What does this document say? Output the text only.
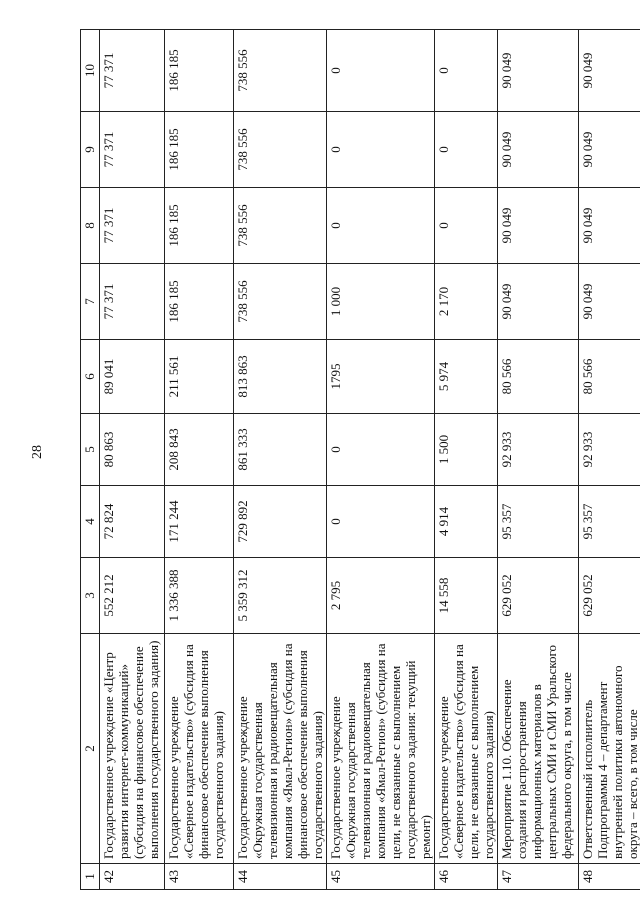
28
1	2	3	4	5	6	7	8	9	10
42	Государственное учреждение «Центр развития интернет-коммуникаций» (субсидия на финансовое обеспечение выполнения государственного задания)	552 212	72 824	80 863	89 041	77 371	77 371	77 371	77 371
43	Государственное учреждение «Северное издательство» (субсидия на финансовое обеспечение выполнения государственного задания)	1 336 388	171 244	208 843	211 561	186 185	186 185	186 185	186 185
44	Государственное учреждение «Окружная государственная телевизионная и радиовещательная компания «Ямал-Регион» (субсидия на финансовое обеспечение выполнения государственного задания)	5 359 312	729 892	861 333	813 863	738 556	738 556	738 556	738 556
45	Государственное учреждение «Окружная государственная телевизионная и радиовещательная компания «Ямал-Регион» (субсидия на цели, не связанные с выполнением государственного задания: текущий ремонт)	2 795	0	0	1795	1 000	0	0	0
46	Государственное учреждение «Северное издательство» (субсидия на цели, не связанные с выполнением государственного задания)	14 558	4 914	1 500	5 974	2 170	0	0	0
47	Мероприятие 1.10. Обеспечение создания и распространения информационных материалов в центральных СМИ и СМИ Уральского федерального округа, в том числе	629 052	95 357	92 933	80 566	90 049	90 049	90 049	90 049
48	Ответственный исполнитель Подпрограммы 4 – департамент внутренней политики автономного округа – всего, в том числе	629 052	95 357	92 933	80 566	90 049	90 049	90 049	90 049
